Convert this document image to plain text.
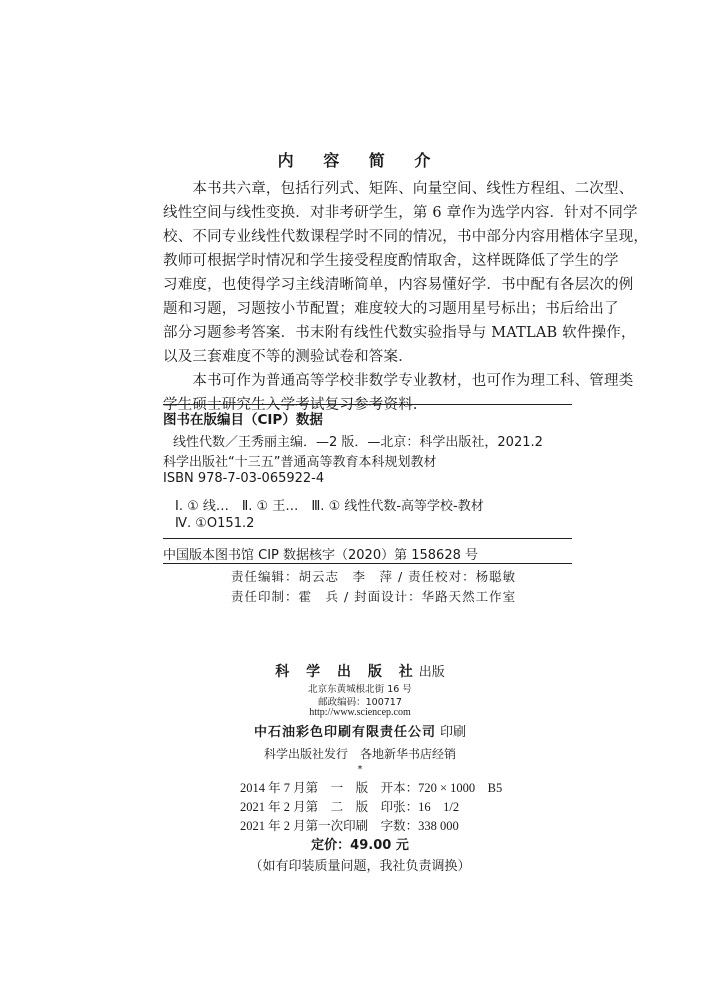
内 容 简 介
　　本书共六章，包括行列式、矩阵、向量空间、线性方程组、二次型、
线性空间与线性变换．对非考研学生，第 6 章作为选学内容．针对不同学
校、不同专业线性代数课程学时不同的情况，书中部分内容用楷体字呈现，
教师可根据学时情况和学生接受程度酌情取舍，这样既降低了学生的学
习难度，也使得学习主线清晰简单，内容易懂好学．书中配有各层次的例
题和习题，习题按小节配置；难度较大的习题用星号标出；书后给出了
部分习题参考答案．书末附有线性代数实验指导与 MATLAB 软件操作，
以及三套难度不等的测验试卷和答案．
　　本书可作为普通高等学校非数学专业教材，也可作为理工科、管理类
学生硕士研究生入学考试复习参考资料．
图书在版编目（CIP）数据
线性代数／王秀丽主编．—2 版．—北京：科学出版社，2021.2
科学出版社“十三五”普通高等教育本科规划教材
ISBN 978-7-03-065922-4
Ⅰ. ① 线…　Ⅱ. ① 王…　Ⅲ. ① 线性代数-高等学校-教材
Ⅳ. ①O151.2
中国版本图书馆 CIP 数据核字（2020）第 158628 号
责任编辑：胡云志　李　萍 / 责任校对：杨聪敏
责任印制：霍　兵 / 封面设计：华路天然工作室
科 学 出 版 社出版
北京东黄城根北街 16 号
邮政编码：100717
http://www.sciencep.com
中石油彩色印刷有限责任公司 印刷
科学出版社发行　各地新华书店经销
*
2014 年 7 月第　一　版　开本：720 × 1000　B5
2021 年 2 月第　二　版　印张：16　1/2
2021 年 2 月第一次印刷　字数：338 000
定价：49.00 元
（如有印装质量问题，我社负责调换）
